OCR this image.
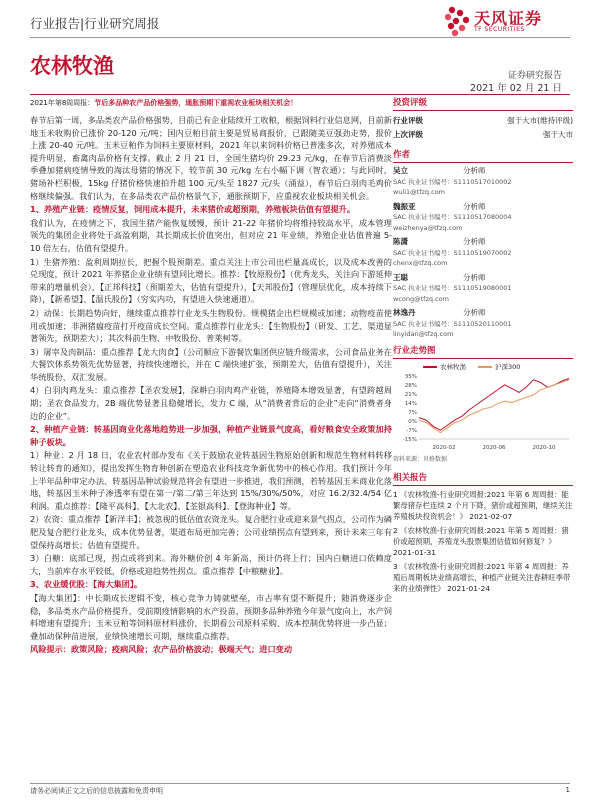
行业报告|行业研究周报	天风证券
TF SECURITIES
农林牧渔	证券研究报告
2021 年 02 月 21 日
2021年第8周周报：节后多品种农产品价格强势，通胀预期下重视农业板块相关机会！

春节后第一周，多品类农产品价格强势，目前已有企业陆续开工收粮，根据饲料行业信息网，目前新地玉米收购价已涨价 20-120 元/吨；国内豆粕目前主要是贸易商报价，已跟随美豆强劲走势，报价上涨 20-40 元/吨。玉米豆粕作为饲料主要原材料，2021 年以来饲料价格已普涨多次，对养殖成本提升明显，畜禽肉品价格有支撑。截止 2 月 21 日，全国生猪均价 29.23 元/kg，在春节后消费淡季叠加猪病疫情导致的淘汰母猪的情况下，较节前 30 元/kg 左右小幅下调（智农通）；与此同时，猪场补栏积极，15kg 仔猪价格快速拍升超 100 元/头至 1827 元/头（涌益），春节后白羽肉毛鸡价格继续偏强。我们认为，在多品类农产品价格景气下，通胀预期下，应重视农业板块相关机会。

1、养殖产业链：疫情反复，饲用成本提升，未来猪价或超预期，养殖板块估值有望提升。

我们认为，在疫情之下，我国生猪产能恢复缓慢，预计 21-22 年猪价均将维持较高水平，成本管理领先的集团企业将处于高盈利期，其长期成长价值突出，但对应 21 年业绩，养殖企业估值普遍 5-10 倍左右，估值有望提升。

1）生猪养殖：盈利周期拉长，把握个股预期差。重点关注上市公司出栏量高成长，以及成本改善的兑现度，预计 2021 年养猪企业业绩有望同比增长。推荐：【牧原股份】（优秀龙头，关注向下游延伸带来的增量机会），【正邦科技】（预期差大，估值有望提升），【天邦股份】（管理层优化，成本持续下降），【新希望】、【温氏股份】（穷实内功，有望进入快速通道）。

2）动保：长期趋势向好，继续重点推荐行业龙头生物股份。规模猪企出栏规模或加速；动物疫苗使用或加速；非洲猪瘟疫苗打开疫苗成长空间。重点推荐行业龙头：【生物股份】（研发、工艺、渠道显著领先，预期差大）；其次科前生物、中牧股份、普莱柯等。

3）屠宰及肉制品：重点推荐【龙大肉食】（公司顺应下游餐饮集团供应链升级需求，公司食品业务在大餐饮体系势领先优势显著，持续快速增长，并在 C 端快速扩张，预期差大，估值有望提升），关注华统股份、双汇发展。

4）白羽肉鸡龙头：重点推荐【圣农发展】，深耕白羽肉鸡产业链，养殖降本增效显著，有望跨越周期；圣农食品发力，2B 端优势显著且稳健增长，发力 C 端，从“消费者背后的企业”走向“消费者身边的企业”。

2、种植产业链：转基因商业化落地趋势进一步加强，种植产业链景气度高，看好粮食安全政策加持种子板块。

1）种业：2 月 18 日，农业农村部办发布《关于鼓励农业转基因生物原始创新和规范生物材料转移转让转育的通知》，提出发挥生物育种创新在塑造农业科技竞争新优势中的核心作用。我们预计今年上半年品种审定办法、转基因品种试验规范将会有望进一步推进，我们预测，若转基因玉米商业化落地，转基因玉米种子渗透率有望在第一/第二/第三年达到 15%/30%/50%，对应 16.2/32.4/54 亿利润。重点推荐：【隆平高科】、【大北农】、【荃银高科】、【登海种业】等。

2）农资：重点推荐【新洋丰】；被忽视的低估值农资龙头。复合肥行业或迎来景气拐点，公司作为磷肥及复合肥行业龙头，成本优势显著，渠道布局更加完善；公司业绩拐点有望到来，预计未来三年有望保持高增长；估值有望提升。

3）白糖：底部已现，拐点或将到来。海外糖价创 4 年新高，预计仍将上行；国内白糖进口依赖度大，当前库存水平较低，价格或迎趋势性拐点。重点推荐【中粮糖业】。

3、农业缓优股：【海大集团】。

【海大集团】：中长期成长逻辑不变，核心竞争力铸就壁垒，市占率有望不断提升；随消费逐步企稳，多品类水产品价格提升，受前期疫情影响的水产投苗，预期多品种养殖今年景气度向上，水产饲料增速有望提升；玉米豆粕等饲料原材料涨价，长期看公司原料采购、成本控制优势将进一步凸显；叠加动保种苗进展，业绩快速增长可期，继续重点推荐。

风险提示：政策风险；疫病风险；农产品价格波动；极端天气；进口变动

投资评级
行业评级	强于大市(维持评级)
上次评级	强于大市
作者
吴立	分析师
SAC 执业证书编号：S1110517010002
wuli1@tfzq.com
魏振亚	分析师
SAC 执业证书编号：S1110517080004
weizhenya@tfzq.com
陈潇	分析师
SAC 执业证书编号：S1110519070002
chenx@tfzq.com
王聪	分析师
SAC 执业证书编号：S1110519080001
wcong@tfzq.com
林逸丹	分析师
SAC 执业证书编号：S1110520110001
linyidan@tfzq.com
行业走势图
农林牧渔	沪深300
35%
28%
21%
14%
7%
0%
-7%
-15%
2020-02	2020-06	2020-10
资料来源：贝格数据
相关报告

1 《农林牧渔-行业研究周报:2021 年第 6 周周报：能繁母猪存栏连续 2 个月下降，猪价或超预期，继续关注养殖板块投资机会！》 2021-02-07

2 《农林牧渔-行业研究周报:2021 年第 5 周周报：猪价或超预期，养殖龙头股票集团估值如何修复？》 2021-01-31

3 《农林牧渔-行业研究周报:2021 年第 4 周周报：养殖后周期板块业绩高增长，种植产业链关注春耕旺季带来的业绩弹性》 2021-01-24

请务必阅读正文之后的信息披露和免责申明	1
